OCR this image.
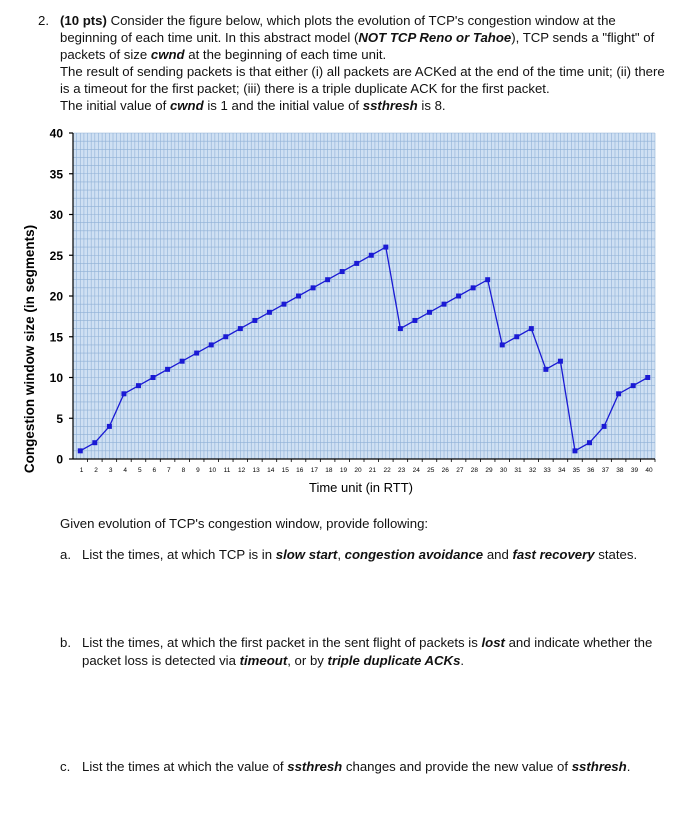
2. (10 pts) Consider the figure below, which plots the evolution of TCP's congestion window at the beginning of each time unit. In this abstract model (NOT TCP Reno or Tahoe), TCP sends a "flight" of packets of size cwnd at the beginning of each time unit.

The result of sending packets is that either (i) all packets are ACKed at the end of the time unit; (ii) there is a timeout for the first packet; (iii) there is a triple duplicate ACK for the first packet.

The initial value of cwnd is 1 and the initial value of ssthresh is 8.

0
5
10
15
20
25
30
35
40
1 2 3 4 5 6 7 8 9 10 11 12 13 14 15 16 17 18 19 20 21 22 23 24 25 26 27 28 29 30 31 32 33 34 35 36 37 38 39 40
Time unit (in RTT)
Congestion window size (in segments)
Given evolution of TCP's congestion window, provide following:
a. List the times, at which TCP is in slow start, congestion avoidance and fast recovery states.
b. List the times, at which the first packet in the sent flight of packets is lost and indicate whether the packet loss is detected via timeout, or by triple duplicate ACKs.
c. List the times at which the value of ssthresh changes and provide the new value of ssthresh.
